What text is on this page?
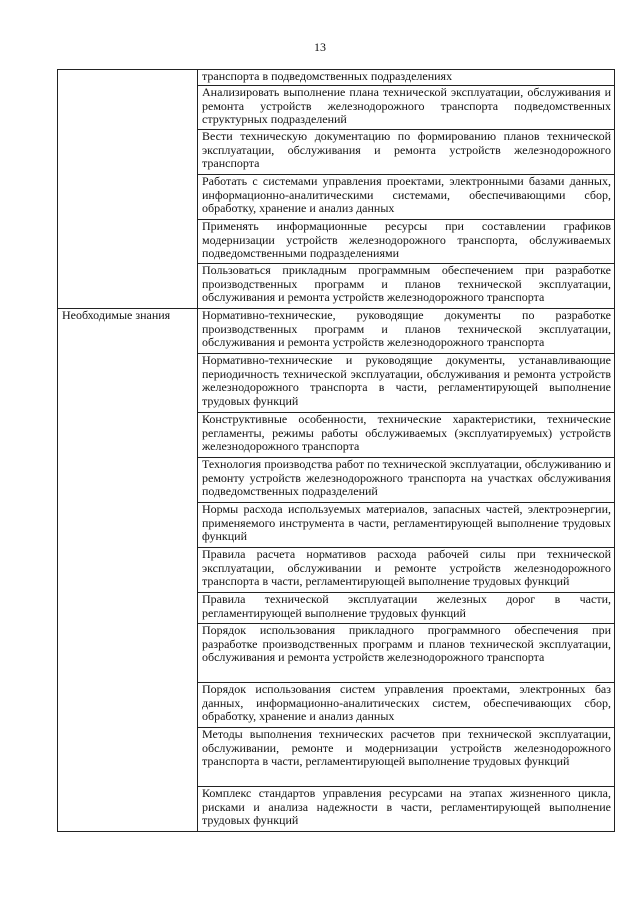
13

	транспорта в подведомственных подразделениях

	Анализировать выполнение плана технической эксплуатации, обслуживания и ремонта устройств железнодорожного транспорта подведомственных структурных подразделений

	Вести техническую документацию по формированию планов технической эксплуатации, обслуживания и ремонта устройств железнодорожного транспорта

	Работать с системами управления проектами, электронными базами данных, информационно-аналитическими системами, обеспечивающими сбор, обработку, хранение и анализ данных

	Применять информационные ресурсы при составлении графиков модернизации устройств железнодорожного транспорта, обслуживаемых подведомственными подразделениями

	Пользоваться прикладным программным обеспечением при разработке производственных программ и планов технической эксплуатации, обслуживания и ремонта устройств железнодорожного транспорта

Необходимые знания	Нормативно-технические, руководящие документы по разработке производственных программ и планов технической эксплуатации, обслуживания и ремонта устройств железнодорожного транспорта

	Нормативно-технические и руководящие документы, устанавливающие периодичность технической эксплуатации, обслуживания и ремонта устройств железнодорожного транспорта в части, регламентирующей выполнение трудовых функций

	Конструктивные особенности, технические характеристики, технические регламенты, режимы работы обслуживаемых (эксплуатируемых) устройств железнодорожного транспорта

	Технология производства работ по технической эксплуатации, обслуживанию и ремонту устройств железнодорожного транспорта на участках обслуживания подведомственных подразделений

	Нормы расхода используемых материалов, запасных частей, электроэнергии, применяемого инструмента в части, регламентирующей выполнение трудовых функций

	Правила расчета нормативов расхода рабочей силы при технической эксплуатации, обслуживании и ремонте устройств железнодорожного транспорта в части, регламентирующей выполнение трудовых функций

	Правила технической эксплуатации железных дорог в части, регламентирующей выполнение трудовых функций

	Порядок использования прикладного программного обеспечения при разработке производственных программ и планов технической эксплуатации, обслуживания и ремонта устройств железнодорожного транспорта

	Порядок использования систем управления проектами, электронных баз данных, информационно-аналитических систем, обеспечивающих сбор, обработку, хранение и анализ данных

	Методы выполнения технических расчетов при технической эксплуатации, обслуживании, ремонте и модернизации устройств железнодорожного транспорта в части, регламентирующей выполнение трудовых функций

	Комплекс стандартов управления ресурсами на этапах жизненного цикла, рисками и анализа надежности в части, регламентирующей выполнение трудовых функций
